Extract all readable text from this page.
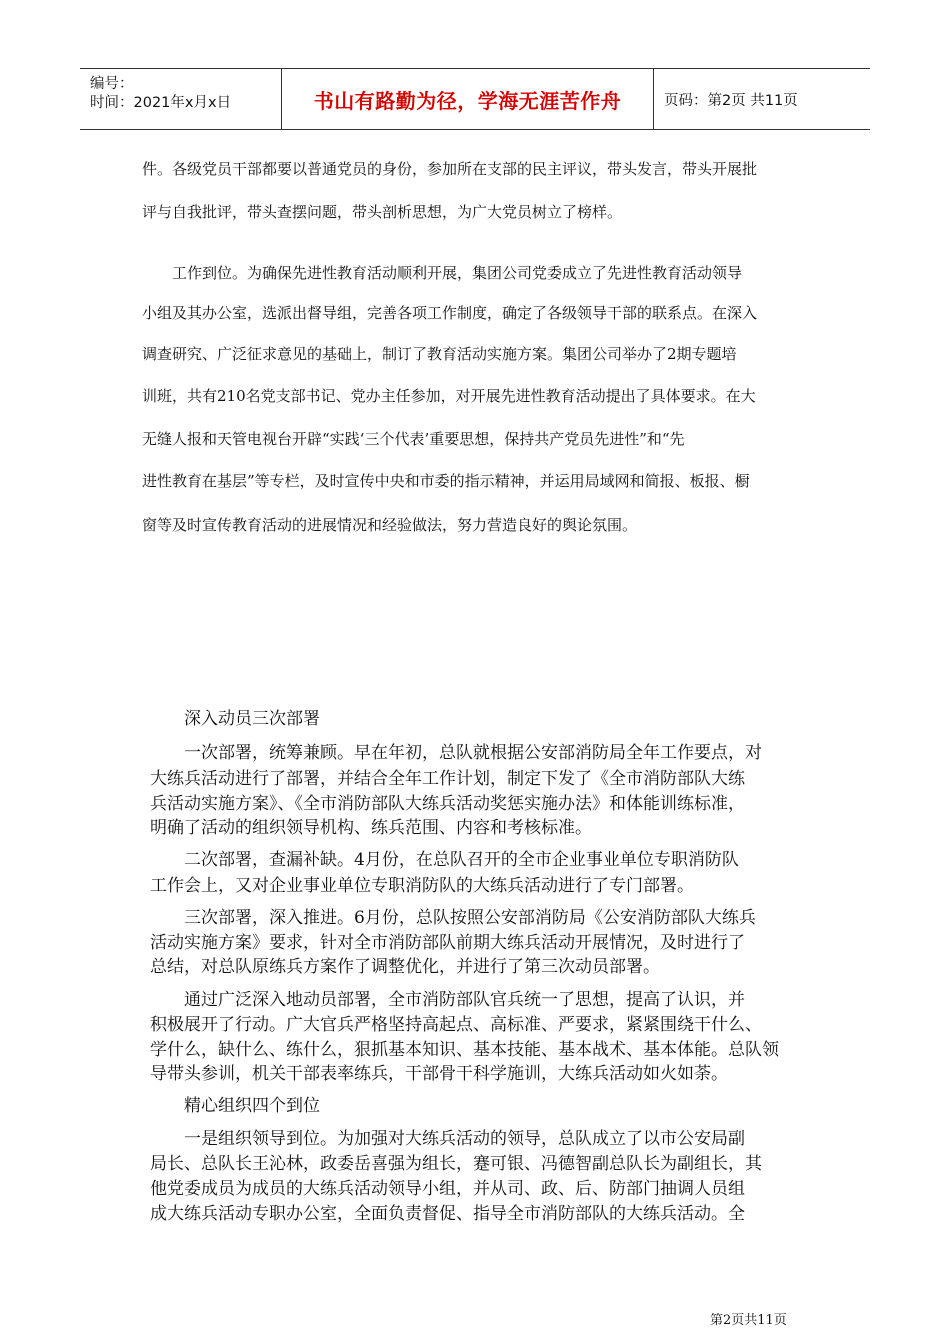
编号：
时间：2021年x月x日	书山有路勤为径，学海无涯苦作舟	页码：第2页 共11页
件。各级党员干部都要以普通党员的身份，参加所在支部的民主评议，带头发言，带头开展批
评与自我批评，带头查摆问题，带头剖析思想，为广大党员树立了榜样。
　　工作到位。为确保先进性教育活动顺利开展，集团公司党委成立了先进性教育活动领导
小组及其办公室，选派出督导组，完善各项工作制度，确定了各级领导干部的联系点。在深入
调查研究、广泛征求意见的基础上，制订了教育活动实施方案。集团公司举办了2期专题培
训班，共有210名党支部书记、党办主任参加，对开展先进性教育活动提出了具体要求。在大
无缝人报和天管电视台开辟“实践‘三个代表’重要思想，保持共产党员先进性”和“先
进性教育在基层”等专栏，及时宣传中央和市委的指示精神，并运用局域网和简报、板报、橱
窗等及时宣传教育活动的进展情况和经验做法，努力营造良好的舆论氛围。
　　深入动员三次部署
　　一次部署，统筹兼顾。早在年初，总队就根据公安部消防局全年工作要点，对
大练兵活动进行了部署，并结合全年工作计划，制定下发了《全市消防部队大练
兵活动实施方案》、《全市消防部队大练兵活动奖惩实施办法》和体能训练标准，
明确了活动的组织领导机构、练兵范围、内容和考核标准。
　　二次部署，查漏补缺。4月份，在总队召开的全市企业事业单位专职消防队
工作会上，又对企业事业单位专职消防队的大练兵活动进行了专门部署。
　　三次部署，深入推进。6月份，总队按照公安部消防局《公安消防部队大练兵
活动实施方案》要求，针对全市消防部队前期大练兵活动开展情况，及时进行了
总结，对总队原练兵方案作了调整优化，并进行了第三次动员部署。
　　通过广泛深入地动员部署，全市消防部队官兵统一了思想，提高了认识，并
积极展开了行动。广大官兵严格坚持高起点、高标准、严要求，紧紧围绕干什么、
学什么，缺什么、练什么，狠抓基本知识、基本技能、基本战术、基本体能。总队领
导带头参训，机关干部表率练兵，干部骨干科学施训，大练兵活动如火如荼。
　　精心组织四个到位
　　一是组织领导到位。为加强对大练兵活动的领导，总队成立了以市公安局副
局长、总队长王沁林，政委岳喜强为组长，蹇可银、冯德智副总队长为副组长，其
他党委成员为成员的大练兵活动领导小组，并从司、政、后、防部门抽调人员组
成大练兵活动专职办公室，全面负责督促、指导全市消防部队的大练兵活动。全
第2页共11页
